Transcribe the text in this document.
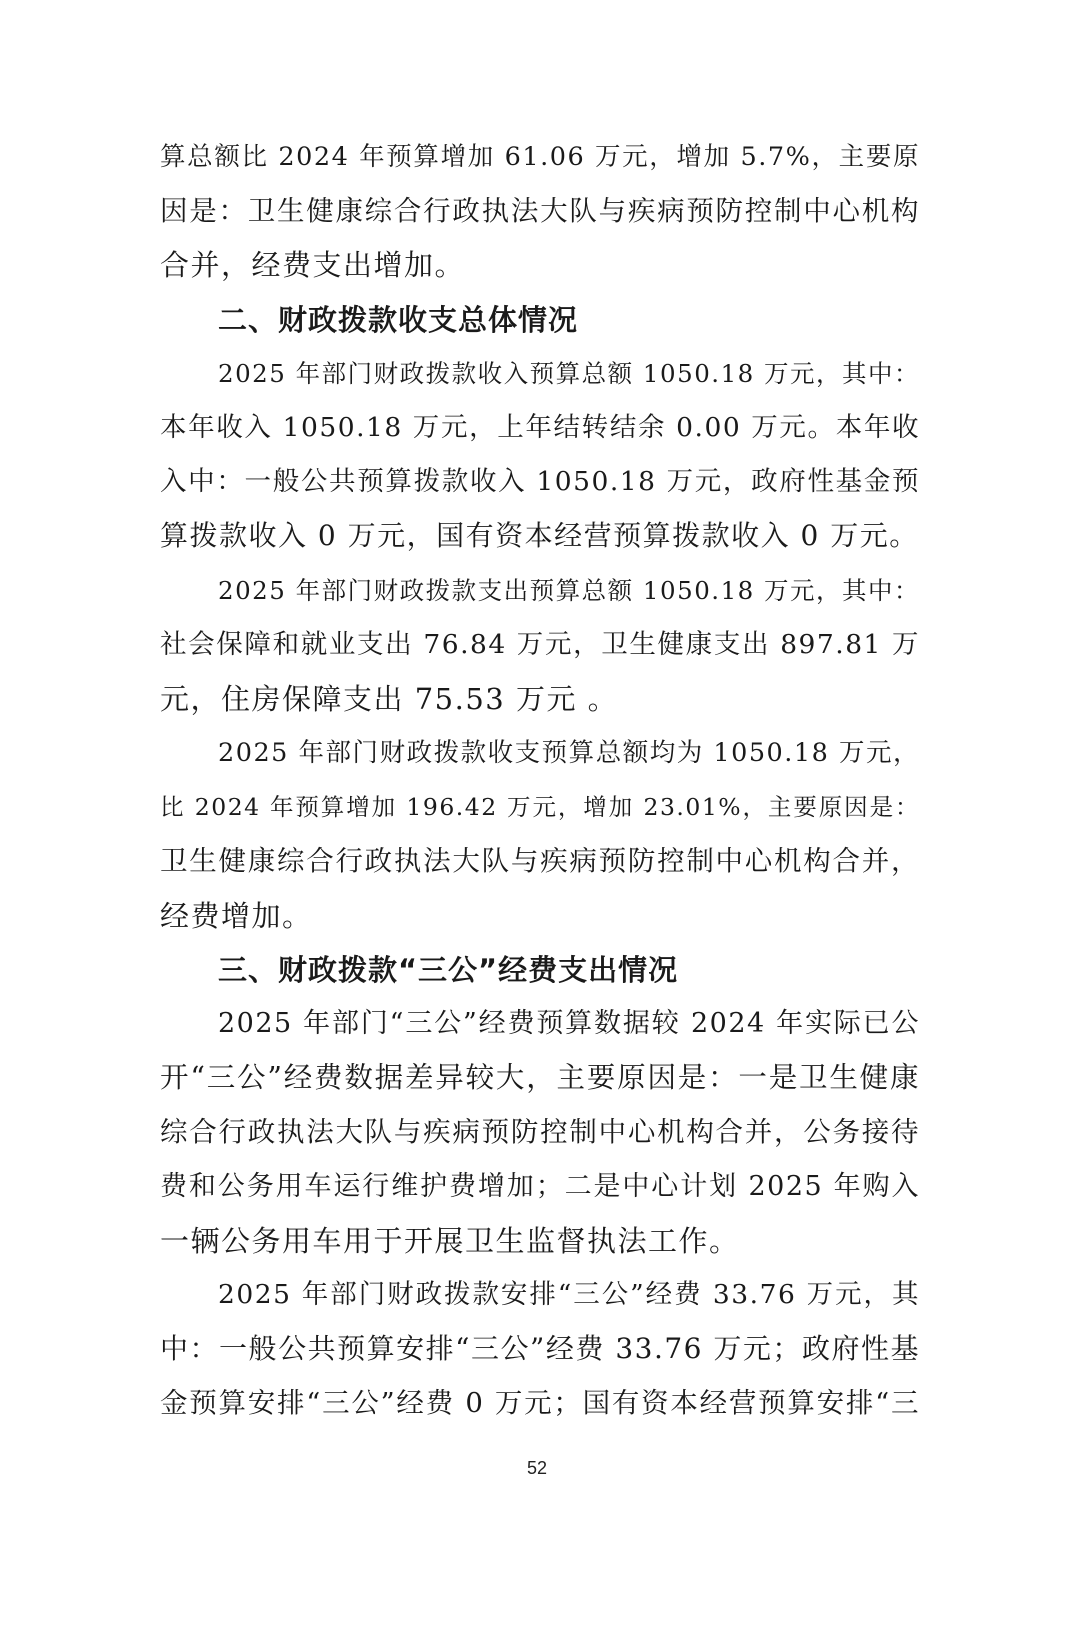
算总额比 2024 年预算增加 61.06 万元，增加 5.7%，主要原
因是：卫生健康综合行政执法大队与疾病预防控制中心机构
合并，经费支出增加。
二、财政拨款收支总体情况
2025 年部门财政拨款收入预算总额 1050.18 万元，其中：
本年收入 1050.18 万元，上年结转结余 0.00 万元。本年收
入中：一般公共预算拨款收入 1050.18 万元，政府性基金预
算拨款收入 0 万元，国有资本经营预算拨款收入 0 万元。
2025 年部门财政拨款支出预算总额 1050.18 万元，其中：
社会保障和就业支出 76.84 万元，卫生健康支出 897.81 万
元，住房保障支出 75.53 万元 。
2025 年部门财政拨款收支预算总额均为 1050.18 万元，
比 2024 年预算增加 196.42 万元，增加 23.01%，主要原因是：
卫生健康综合行政执法大队与疾病预防控制中心机构合并，
经费增加。
三、财政拨款“三公”经费支出情况
2025 年部门“三公”经费预算数据较 2024 年实际已公
开“三公”经费数据差异较大，主要原因是：一是卫生健康
综合行政执法大队与疾病预防控制中心机构合并，公务接待
费和公务用车运行维护费增加；二是中心计划 2025 年购入
一辆公务用车用于开展卫生监督执法工作。
2025 年部门财政拨款安排“三公”经费 33.76 万元，其
中：一般公共预算安排“三公”经费 33.76 万元；政府性基
金预算安排“三公”经费 0 万元；国有资本经营预算安排“三
52
